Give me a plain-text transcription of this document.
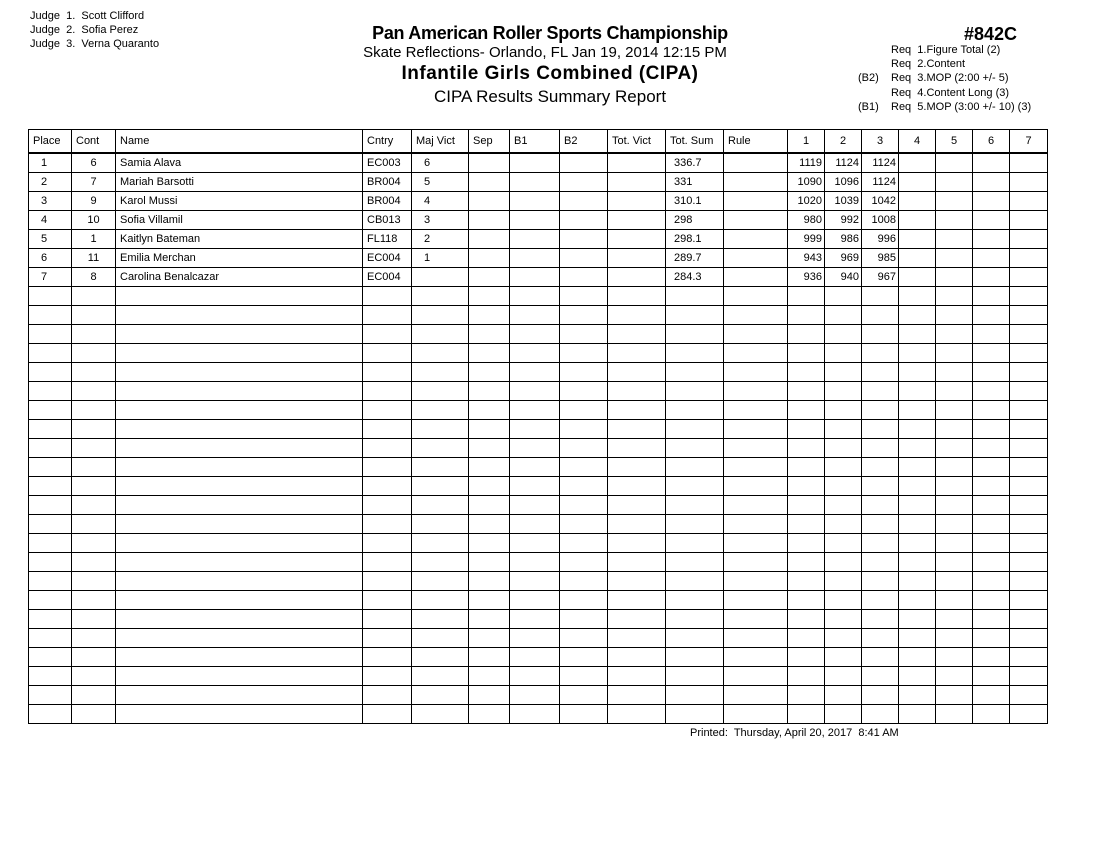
Judge  1. Scott Clifford
Judge  2. Sofia Perez
Judge  3. Verna Quaranto
Pan American Roller Sports Championship
Skate Reflections- Orlando, FL Jan 19, 2014 12:15 PM
Infantile Girls Combined (CIPA)
CIPA Results Summary Report
#842C
Req  1. Figure Total (2)
Req  2. Content
(B2)	Req  3. MOP (2:00 +/- 5)
Req  4. Content Long (3)
(B1)	Req  5. MOP (3:00 +/- 10) (3)
Place	Cont	Name	Cntry	Maj Vict	Sep	B1	B2	Tot. Vict	Tot. Sum	Rule	1	2	3	4	5	6	7
1	6	Samia Alava	EC003	6					336.7		1119	1124	1124				
2	7	Mariah Barsotti	BR004	5					331		1090	1096	1124				
3	9	Karol Mussi	BR004	4					310.1		1020	1039	1042				
4	10	Sofia Villamil	CB013	3					298		980	992	1008				
5	1	Kaitlyn Bateman	FL118	2					298.1		999	986	996				
6	11	Emilia Merchan	EC004	1					289.7		943	969	985				
7	8	Carolina Benalcazar	EC004						284.3		936	940	967				

Printed:  Thursday, April 20, 2017  8:41 AM
